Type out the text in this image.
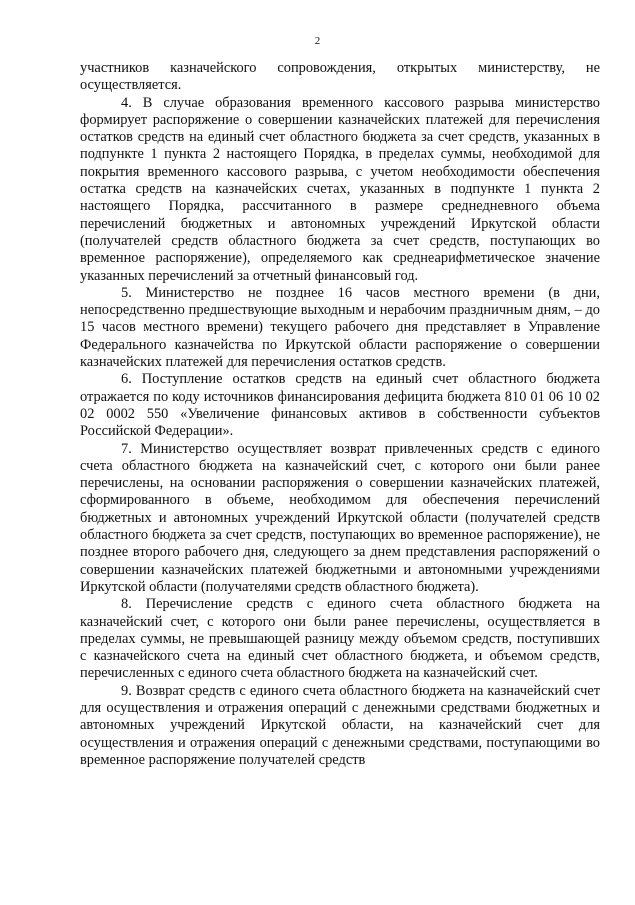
2

участников казначейского сопровождения, открытых министерству, не осуществляется.

4. В случае образования временного кассового разрыва министерство формирует распоряжение о совершении казначейских платежей для перечисления остатков средств на единый счет областного бюджета за счет средств, указанных в подпункте 1 пункта 2 настоящего Порядка, в пределах суммы, необходимой для покрытия временного кассового разрыва, с учетом необходимости обеспечения остатка средств на казначейских счетах, указанных в подпункте 1 пункта 2 настоящего Порядка, рассчитанного в размере среднедневного объема перечислений бюджетных и автономных учреждений Иркутской области (получателей средств областного бюджета за счет средств, поступающих во временное распоряжение), определяемого как среднеарифметическое значение указанных перечислений за отчетный финансовый год.

5. Министерство не позднее 16 часов местного времени (в дни, непосредственно предшествующие выходным и нерабочим праздничным дням, – до 15 часов местного времени) текущего рабочего дня представляет в Управление Федерального казначейства по Иркутской области распоряжение о совершении казначейских платежей для перечисления остатков средств.

6. Поступление остатков средств на единый счет областного бюджета отражается по коду источников финансирования дефицита бюджета 810 01 06 10 02 02 0002 550 «Увеличение финансовых активов в собственности субъектов Российской Федерации».

7. Министерство осуществляет возврат привлеченных средств с единого счета областного бюджета на казначейский счет, с которого они были ранее перечислены, на основании распоряжения о совершении казначейских платежей, сформированного в объеме, необходимом для обеспечения перечислений бюджетных и автономных учреждений Иркутской области (получателей средств областного бюджета за счет средств, поступающих во временное распоряжение), не позднее второго рабочего дня, следующего за днем представления распоряжений о совершении казначейских платежей бюджетными и автономными учреждениями Иркутской области (получателями средств областного бюджета).

8. Перечисление средств с единого счета областного бюджета на казначейский счет, с которого они были ранее перечислены, осуществляется в пределах суммы, не превышающей разницу между объемом средств, поступивших с казначейского счета на единый счет областного бюджета, и объемом средств, перечисленных с единого счета областного бюджета на казначейский счет.

9. Возврат средств с единого счета областного бюджета на казначейский счет для осуществления и отражения операций с денежными средствами бюджетных и автономных учреждений Иркутской области, на казначейский счет для осуществления и отражения операций с денежными средствами, поступающими во временное распоряжение получателей средств
